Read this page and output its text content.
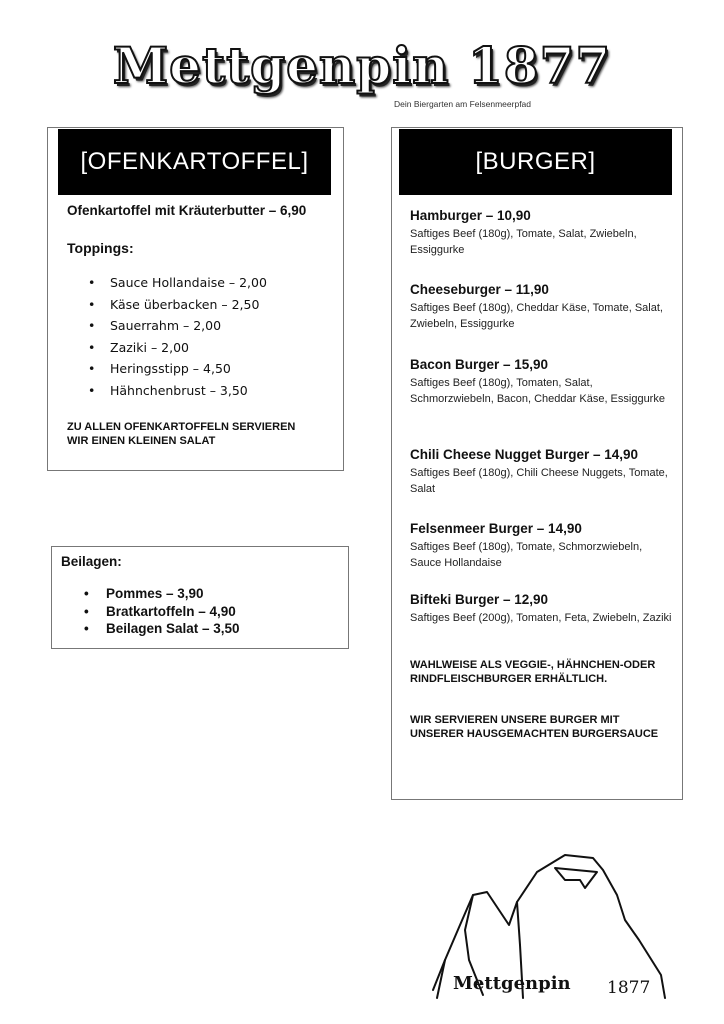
Mettgenpin 1877
Dein Biergarten am Felsenmeerpfad
[OFENKARTOFFEL]
Ofenkartoffel mit Kräuterbutter – 6,90
Toppings:
• Sauce Hollandaise – 2,00
• Käse überbacken – 2,50
• Sauerrahm – 2,00
• Zaziki – 2,00
• Heringsstipp – 4,50
• Hähnchenbrust – 3,50
ZU ALLEN OFENKARTOFFELN SERVIEREN
WIR EINEN KLEINEN SALAT
Beilagen:
• Pommes – 3,90
• Bratkartoffeln – 4,90
• Beilagen Salat – 3,50
[BURGER]
Hamburger – 10,90
Saftiges Beef (180g), Tomate, Salat, Zwiebeln, Essiggurke
Cheeseburger – 11,90
Saftiges Beef (180g), Cheddar Käse, Tomate, Salat, Zwiebeln, Essiggurke
Bacon Burger – 15,90
Saftiges Beef (180g), Tomaten, Salat, Schmorzwiebeln, Bacon, Cheddar Käse, Essiggurke
Chili Cheese Nugget Burger – 14,90
Saftiges Beef (180g), Chili Cheese Nuggets, Tomate, Salat
Felsenmeer Burger – 14,90
Saftiges Beef (180g), Tomate, Schmorzwiebeln, Sauce Hollandaise
Bifteki Burger – 12,90
Saftiges Beef (200g), Tomaten, Feta, Zwiebeln, Zaziki
WAHLWEISE ALS VEGGIE-, HÄHNCHEN-ODER RINDFLEISCHBURGER ERHÄLTLICH.
WIR SERVIEREN UNSERE BURGER MIT UNSERER HAUSGEMACHTEN BURGERSAUCE
Mettgenpin 1877
